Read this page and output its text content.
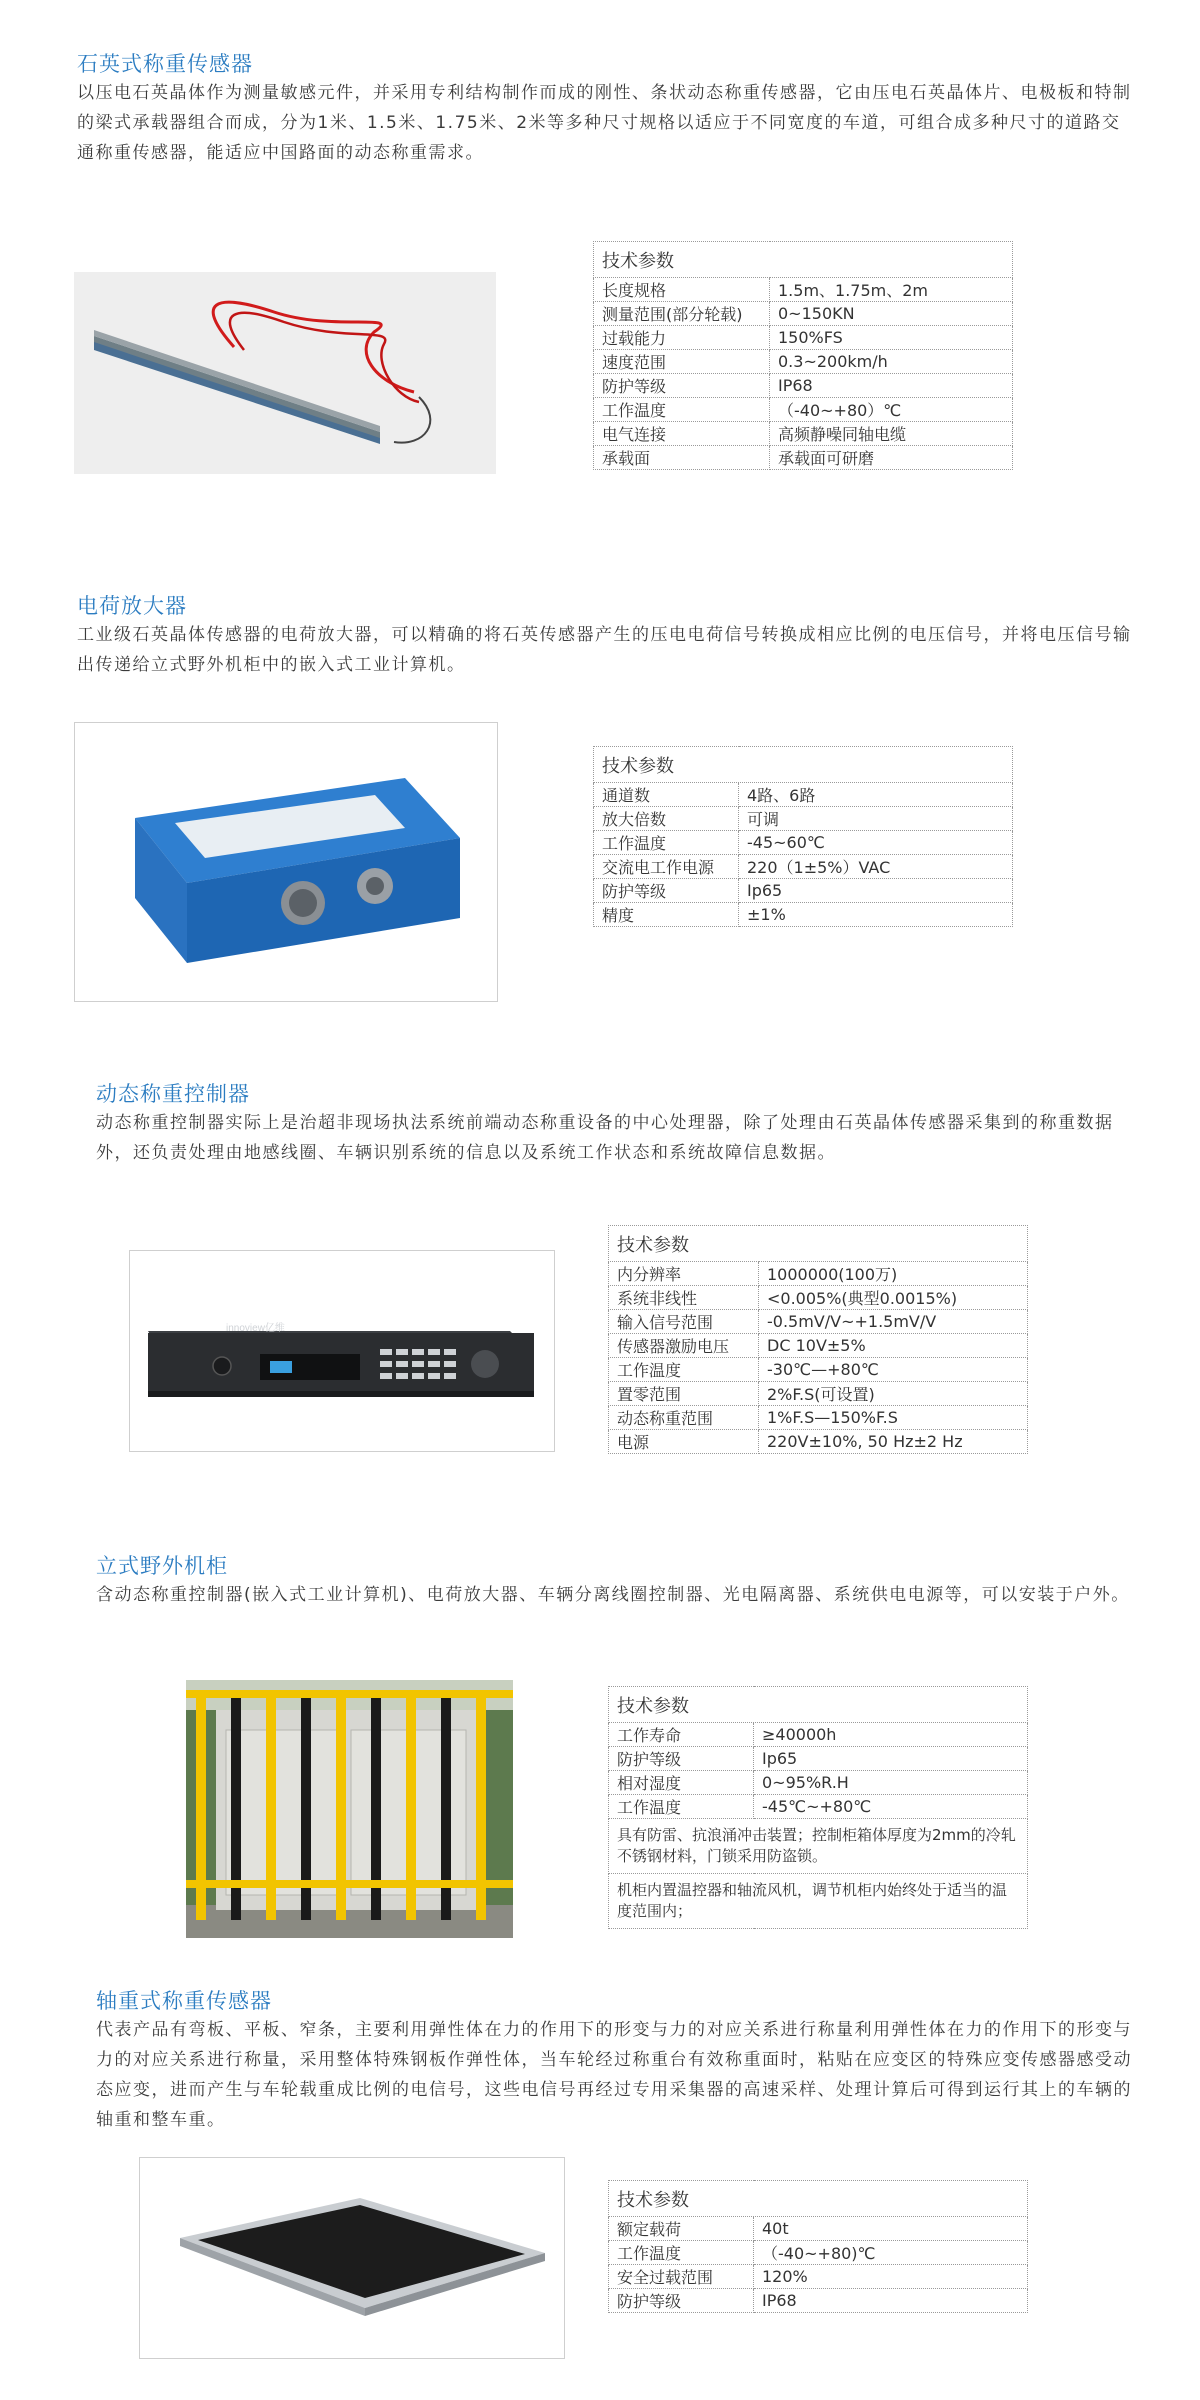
石英式称重传感器
以压电石英晶体作为测量敏感元件，并采用专利结构制作而成的刚性、条状动态称重传感器，它由压电石英晶体片、电极板和特制的梁式承载器组合而成，分为1米、1.5米、1.75米、2米等多种尺寸规格以适应于不同宽度的车道，可组合成多种尺寸的道路交通称重传感器，能适应中国路面的动态称重需求。
技术参数	
长度规格	1.5m、1.75m、2m
测量范围(部分轮载)	0~150KN
过载能力	150%FS
速度范围	0.3~200km/h
防护等级	IP68
工作温度	（-40~+80）℃
电气连接	高频静噪同轴电缆
承载面	承载面可研磨
电荷放大器
工业级石英晶体传感器的电荷放大器，可以精确的将石英传感器产生的压电电荷信号转换成相应比例的电压信号，并将电压信号输出传递给立式野外机柜中的嵌入式工业计算机。
技术参数	
通道数	4路、6路
放大倍数	可调
工作温度	-45~60℃
交流电工作电源	220（1±5%）VAC
防护等级	Ip65
精度	±1%
动态称重控制器
动态称重控制器实际上是治超非现场执法系统前端动态称重设备的中心处理器，除了处理由石英晶体传感器采集到的称重数据外，还负责处理由地感线圈、车辆识别系统的信息以及系统工作状态和系统故障信息数据。
innoview亿维
技术参数	
内分辨率	1000000(100万)
系统非线性	<0.005%(典型0.0015%)
输入信号范围	-0.5mV/V~+1.5mV/V
传感器激励电压	DC 10V±5%
工作温度	-30℃—+80℃
置零范围	2%F.S(可设置)
动态称重范围	1%F.S—150%F.S
电源	220V±10%, 50 Hz±2 Hz
立式野外机柜
含动态称重控制器(嵌入式工业计算机)、电荷放大器、车辆分离线圈控制器、光电隔离器、系统供电电源等，可以安装于户外。
技术参数	
工作寿命	≥40000h
防护等级	Ip65
相对湿度	0~95%R.H
工作温度	-45℃~+80℃
具有防雷、抗浪涌冲击装置；控制柜箱体厚度为2mm的冷轧不锈钢材料，门锁采用防盗锁。	
机柜内置温控器和轴流风机，调节机柜内始终处于适当的温度范围内；	
轴重式称重传感器
代表产品有弯板、平板、窄条，主要利用弹性体在力的作用下的形变与力的对应关系进行称量利用弹性体在力的作用下的形变与力的对应关系进行称量，采用整体特殊钢板作弹性体，当车轮经过称重台有效称重面时，粘贴在应变区的特殊应变传感器感受动态应变，进而产生与车轮载重成比例的电信号，这些电信号再经过专用采集器的高速采样、处理计算后可得到运行其上的车辆的轴重和整车重。
技术参数	
额定载荷	40t
工作温度	（-40~+80)℃
安全过载范围	120%
防护等级	IP68
